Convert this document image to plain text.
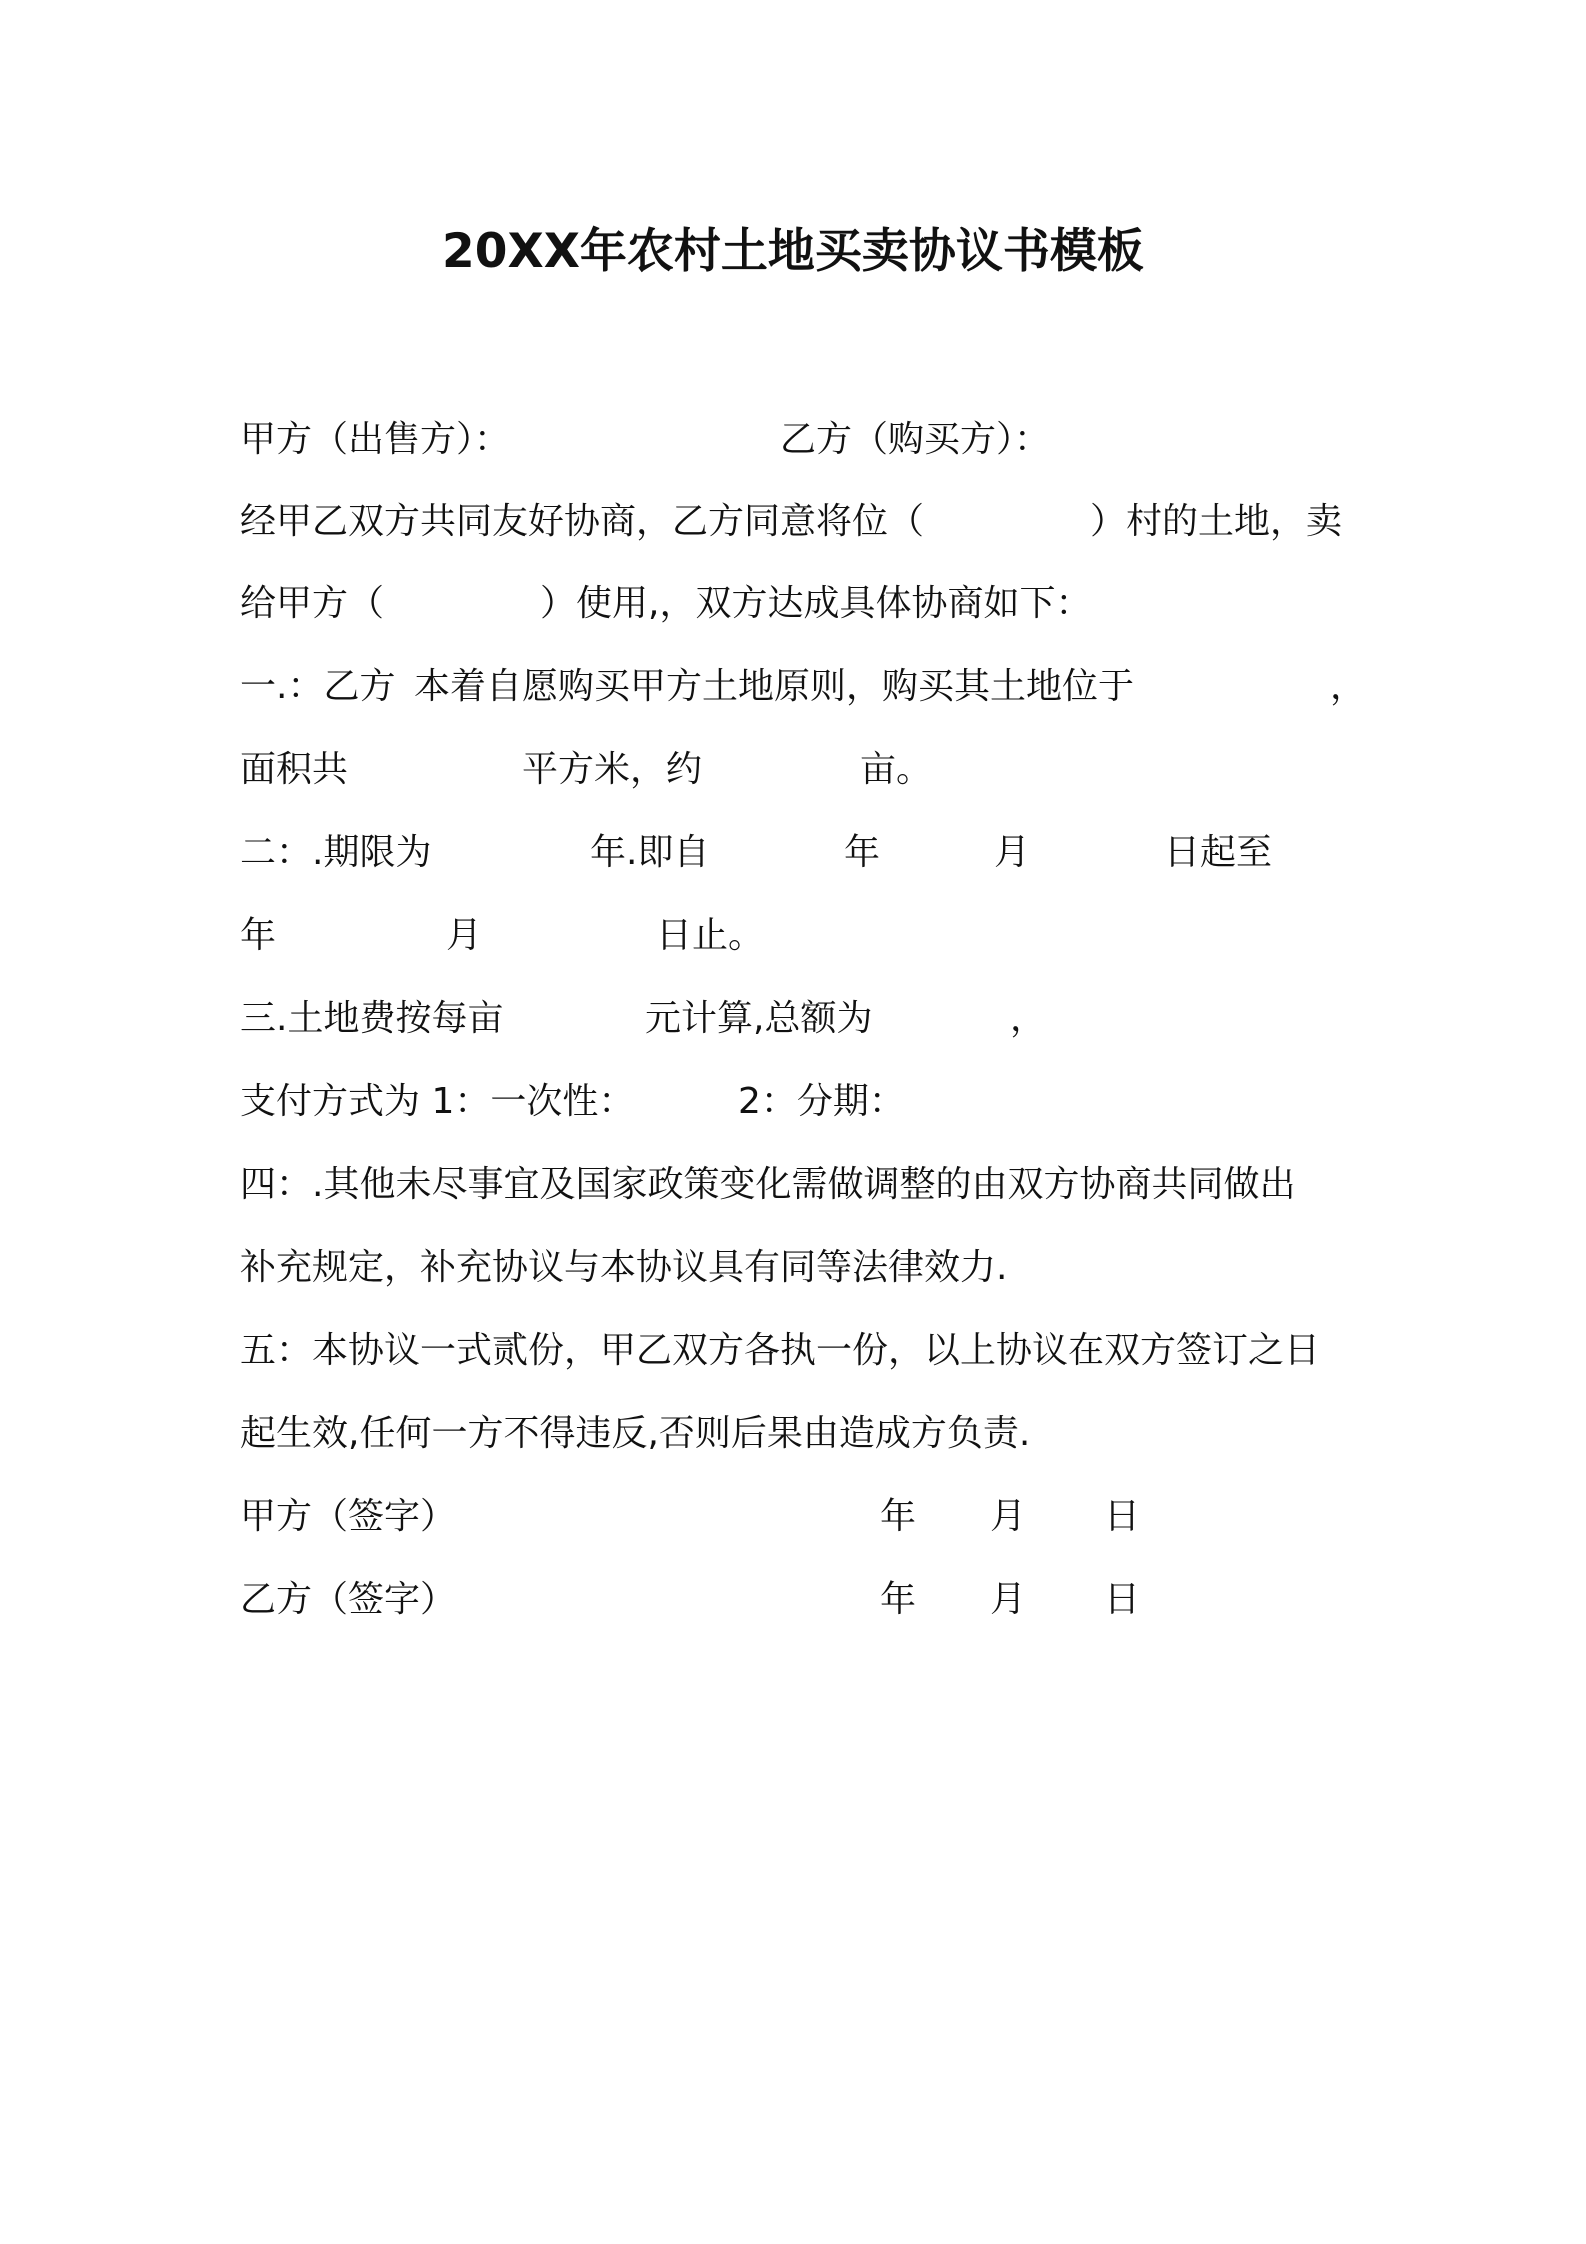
20XX年农村土地买卖协议书模板
甲方（出售方）：	乙方（购买方）：
经甲乙双方共同友好协商，乙方同意将位（	）村的土地，卖
给甲方（	）使用,，双方达成具体协商如下：
一.：乙方 本着自愿购买甲方土地原则，购买其土地位于	，
面积共	平方米，约	亩。
二：.期限为	年.即自	年	月	日起至
年	月	日止。
三.土地费按每亩	元计算,总额为	，
支付方式为 1：一次性：	2：分期：
四：.其他未尽事宜及国家政策变化需做调整的由双方协商共同做出
补充规定，补充协议与本协议具有同等法律效力.
五：本协议一式贰份，甲乙双方各执一份，以上协议在双方签订之日
起生效,任何一方不得违反,否则后果由造成方负责.
甲方（签字）	年 月 日
乙方（签字）	年 月 日
